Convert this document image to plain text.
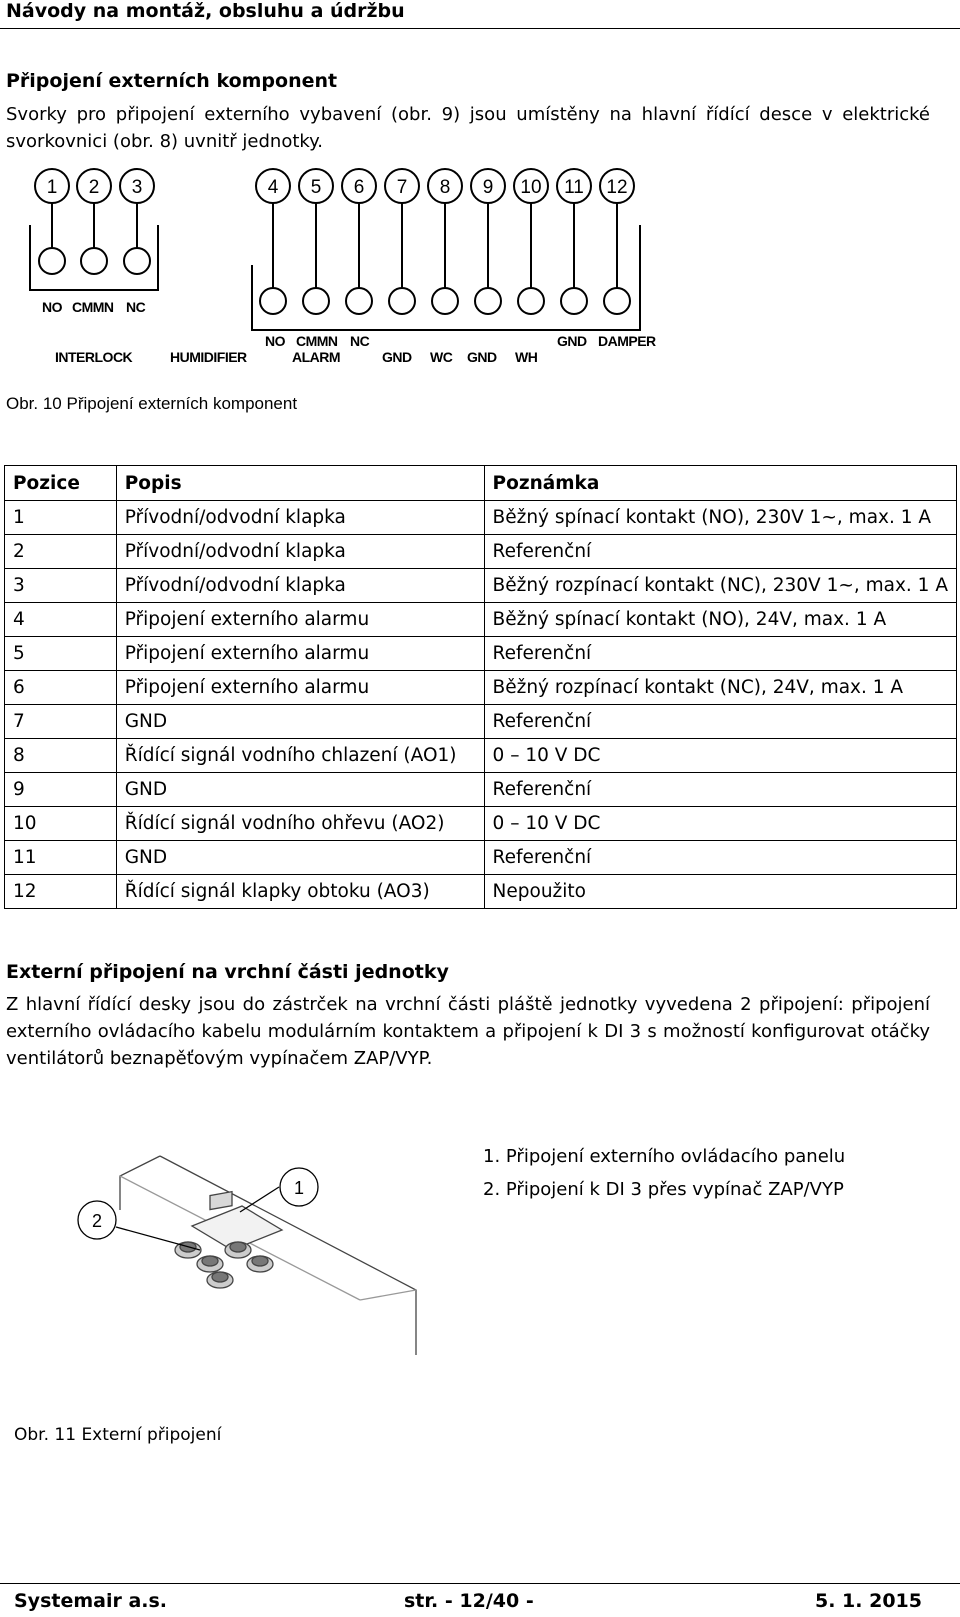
Návody na montáž, obsluhu a údržbu
Připojení externích komponent
Svorky pro připojení externího vybavení (obr. 9) jsou umístěny na hlavní řídící desce v elektrické svorkovnici (obr. 8) uvnitř jednotky.
1 2 3	4 5 6 7 8 9 10 11 12
NO CMMN NC
INTERLOCK	HUMIDIFIER
NO CMMN NC
ALARM	GND WC GND WH
GND DAMPER
Obr. 10 Připojení externích komponent
Pozice	Popis	Poznámka
1	Přívodní/odvodní klapka	Běžný spínací kontakt (NO), 230V 1~, max. 1 A
2	Přívodní/odvodní klapka	Referenční
3	Přívodní/odvodní klapka	Běžný rozpínací kontakt (NC), 230V 1~, max. 1 A
4	Připojení externího alarmu	Běžný spínací kontakt (NO), 24V, max. 1 A
5	Připojení externího alarmu	Referenční
6	Připojení externího alarmu	Běžný rozpínací kontakt (NC), 24V, max. 1 A
7	GND	Referenční
8	Řídící signál vodního chlazení (AO1)	0 – 10 V DC
9	GND	Referenční
10	Řídící signál vodního ohřevu (AO2)	0 – 10 V DC
11	GND	Referenční
12	Řídící signál klapky obtoku (AO3)	Nepoužito
Externí připojení na vrchní části jednotky
Z hlavní řídící desky jsou do zástrček na vrchní části pláště jednotky vyvedena 2 připojení: připojení externího ovládacího kabelu modulárním kontaktem a připojení k DI 3 s možností konfigurovat otáčky ventilátorů beznapěťovým vypínačem ZAP/VYP.
1
2
1. Připojení externího ovládacího panelu
2. Připojení k DI 3 přes vypínač ZAP/VYP
Obr. 11 Externí připojení
Systemair a.s.	str. - 12/40 -	5. 1. 2015
